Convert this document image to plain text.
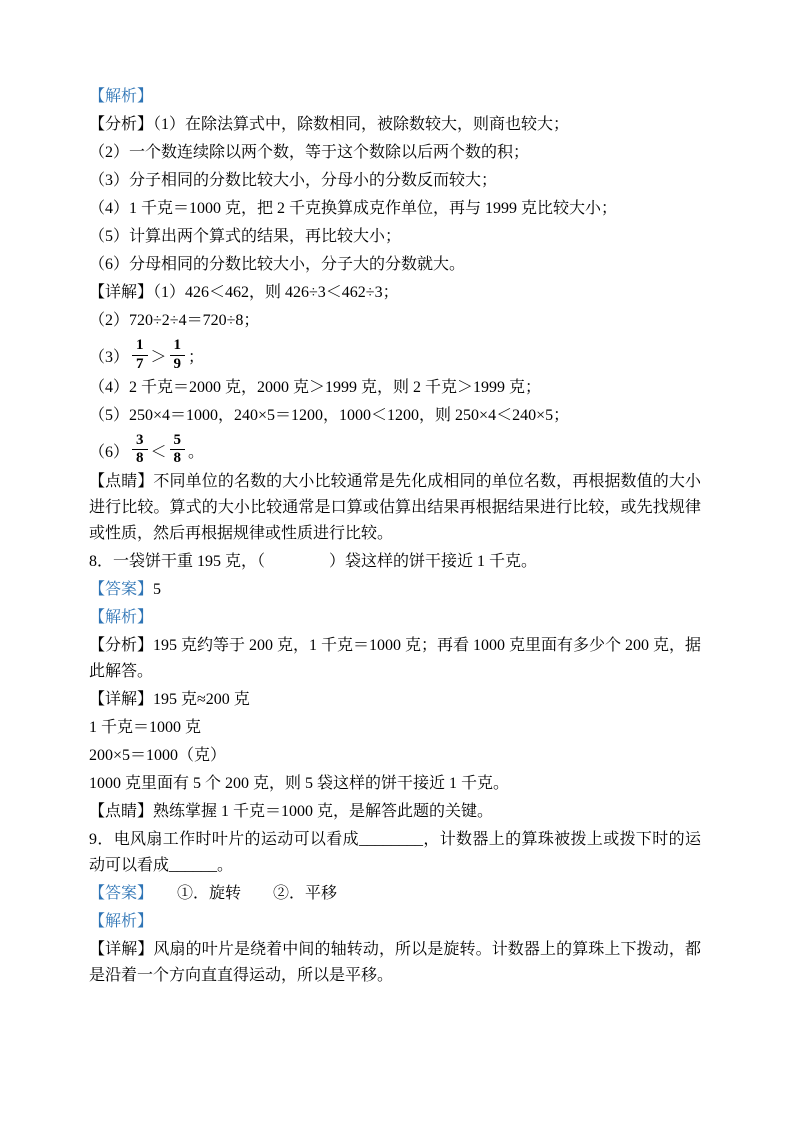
【解析】

【分析】（1）在除法算式中，除数相同，被除数较大，则商也较大；

（2）一个数连续除以两个数，等于这个数除以后两个数的积；

（3）分子相同的分数比较大小，分母小的分数反而较大；

（4）1 千克＝1000 克，把 2 千克换算成克作单位，再与 1999 克比较大小；

（5）计算出两个算式的结果，再比较大小；

（6）分母相同的分数比较大小，分子大的分数就大。

【详解】（1）426＜462，则 426÷3＜462÷3；

（2）720÷2÷4＝720÷8；

$(3) \frac{1}{7} > \frac{1}{9}$ ；

（4）2 千克＝2000 克，2000 克＞1999 克，则 2 千克＞1999 克；

（5）250×4＝1000，240×5＝1200，1000＜1200，则 250×4＜240×5；

$(6) \frac{3}{8} < \frac{5}{8}$ 。

【点睛】不同单位的名数的大小比较通常是先化成相同的单位名数，再根据数值的大小进行比较。算式的大小比较通常是口算或估算出结果再根据结果进行比较，或先找规律或性质，然后再根据规律或性质进行比较。

8．一袋饼干重 195 克，（　　　　）袋这样的饼干接近 1 千克。

【答案】5

【解析】

【分析】195 克约等于 200 克，1 千克＝1000 克；再看 1000 克里面有多少个 200 克，据此解答。

【详解】195 克≈200 克

1 千克＝1000 克

200×5＝1000（克）

1000 克里面有 5 个 200 克，则 5 袋这样的饼干接近 1 千克。

【点睛】熟练掌握 1 千克＝1000 克，是解答此题的关键。

9．电风扇工作时叶片的运动可以看成________，计数器上的算珠被拨上或拨下时的运动可以看成______。

【答案】　　①．旋转　　②．平移

【解析】

【详解】风扇的叶片是绕着中间的轴转动，所以是旋转。计数器上的算珠上下拨动，都是沿着一个方向直直得运动，所以是平移。
